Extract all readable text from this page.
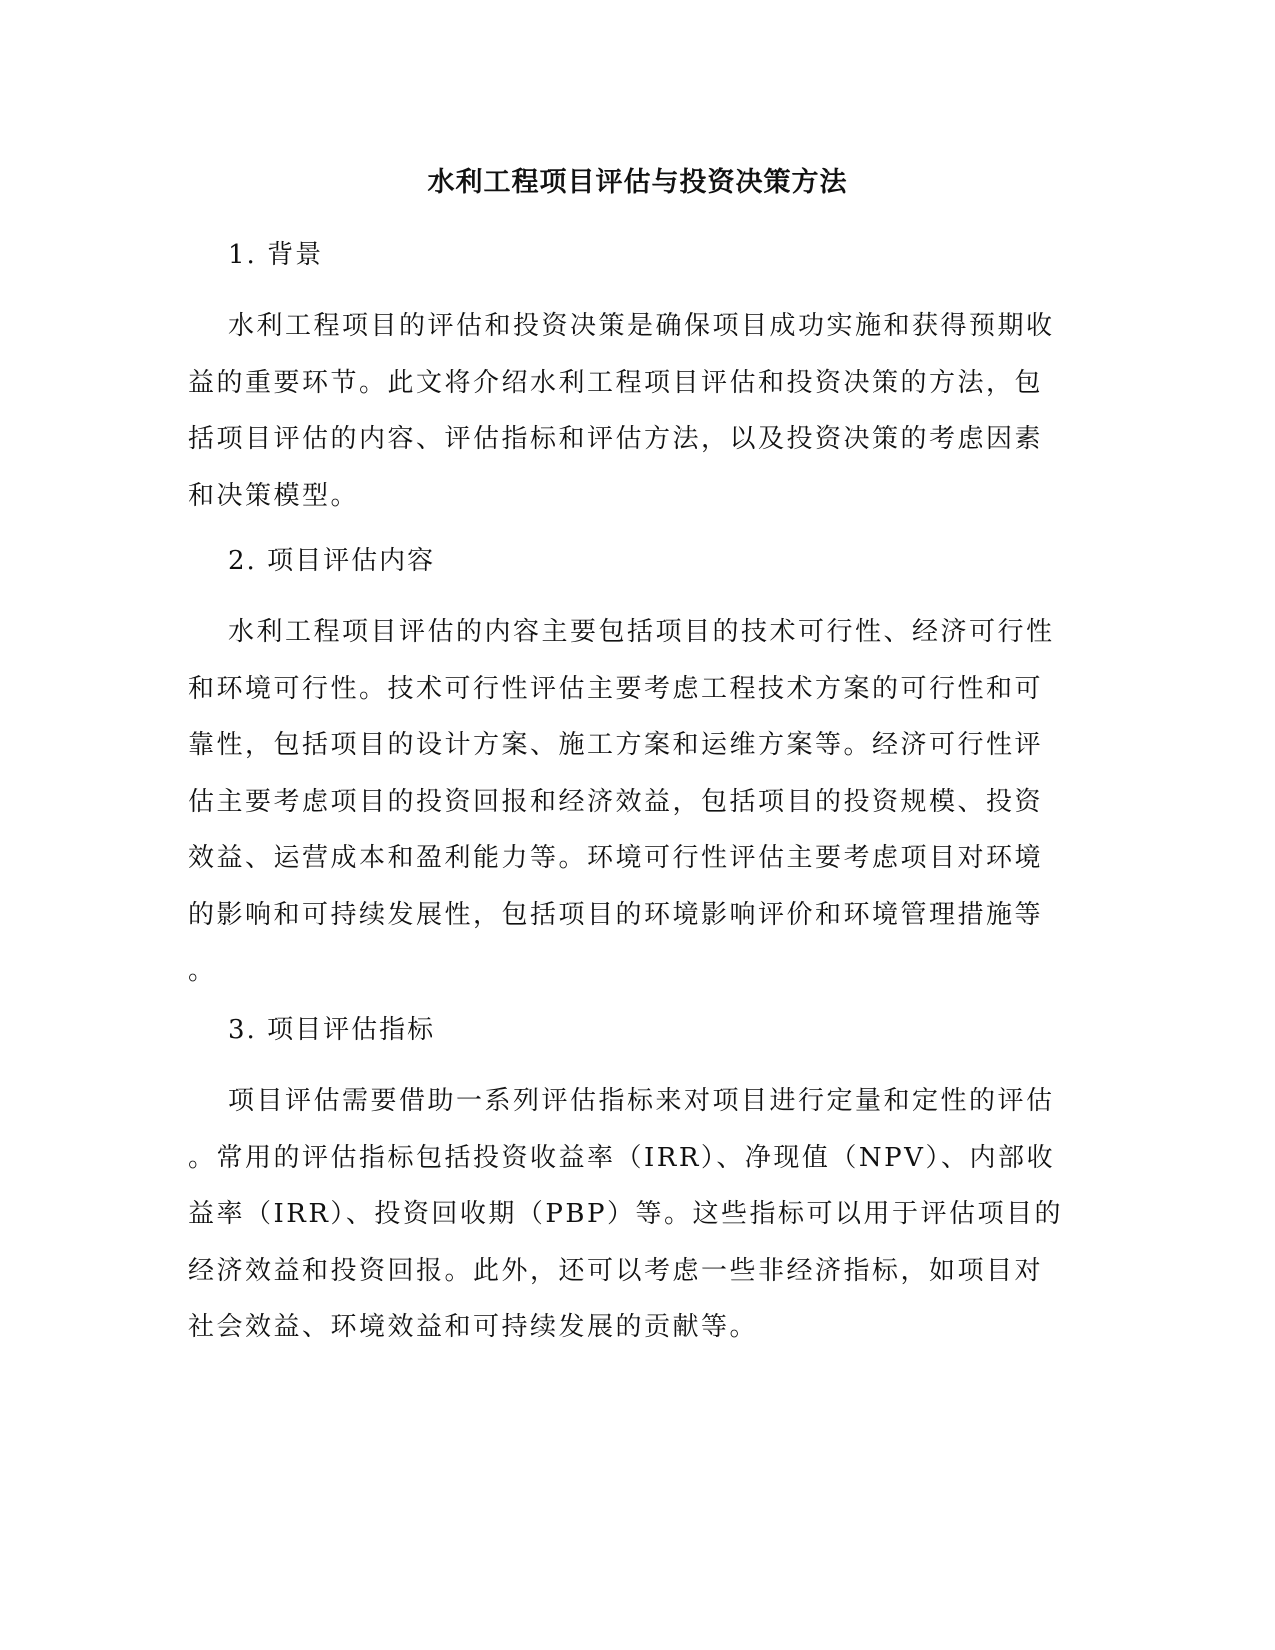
水利工程项目评估与投资决策方法
1. 背景
水利工程项目的评估和投资决策是确保项目成功实施和获得预期收
益的重要环节。此文将介绍水利工程项目评估和投资决策的方法，包
括项目评估的内容、评估指标和评估方法，以及投资决策的考虑因素
和决策模型。
2. 项目评估内容
水利工程项目评估的内容主要包括项目的技术可行性、经济可行性
和环境可行性。技术可行性评估主要考虑工程技术方案的可行性和可
靠性，包括项目的设计方案、施工方案和运维方案等。经济可行性评
估主要考虑项目的投资回报和经济效益，包括项目的投资规模、投资
效益、运营成本和盈利能力等。环境可行性评估主要考虑项目对环境
的影响和可持续发展性，包括项目的环境影响评价和环境管理措施等
。
3. 项目评估指标
项目评估需要借助一系列评估指标来对项目进行定量和定性的评估
。常用的评估指标包括投资收益率（IRR）、净现值（NPV）、内部收
益率（IRR）、投资回收期（PBP）等。这些指标可以用于评估项目的
经济效益和投资回报。此外，还可以考虑一些非经济指标，如项目对
社会效益、环境效益和可持续发展的贡献等。
